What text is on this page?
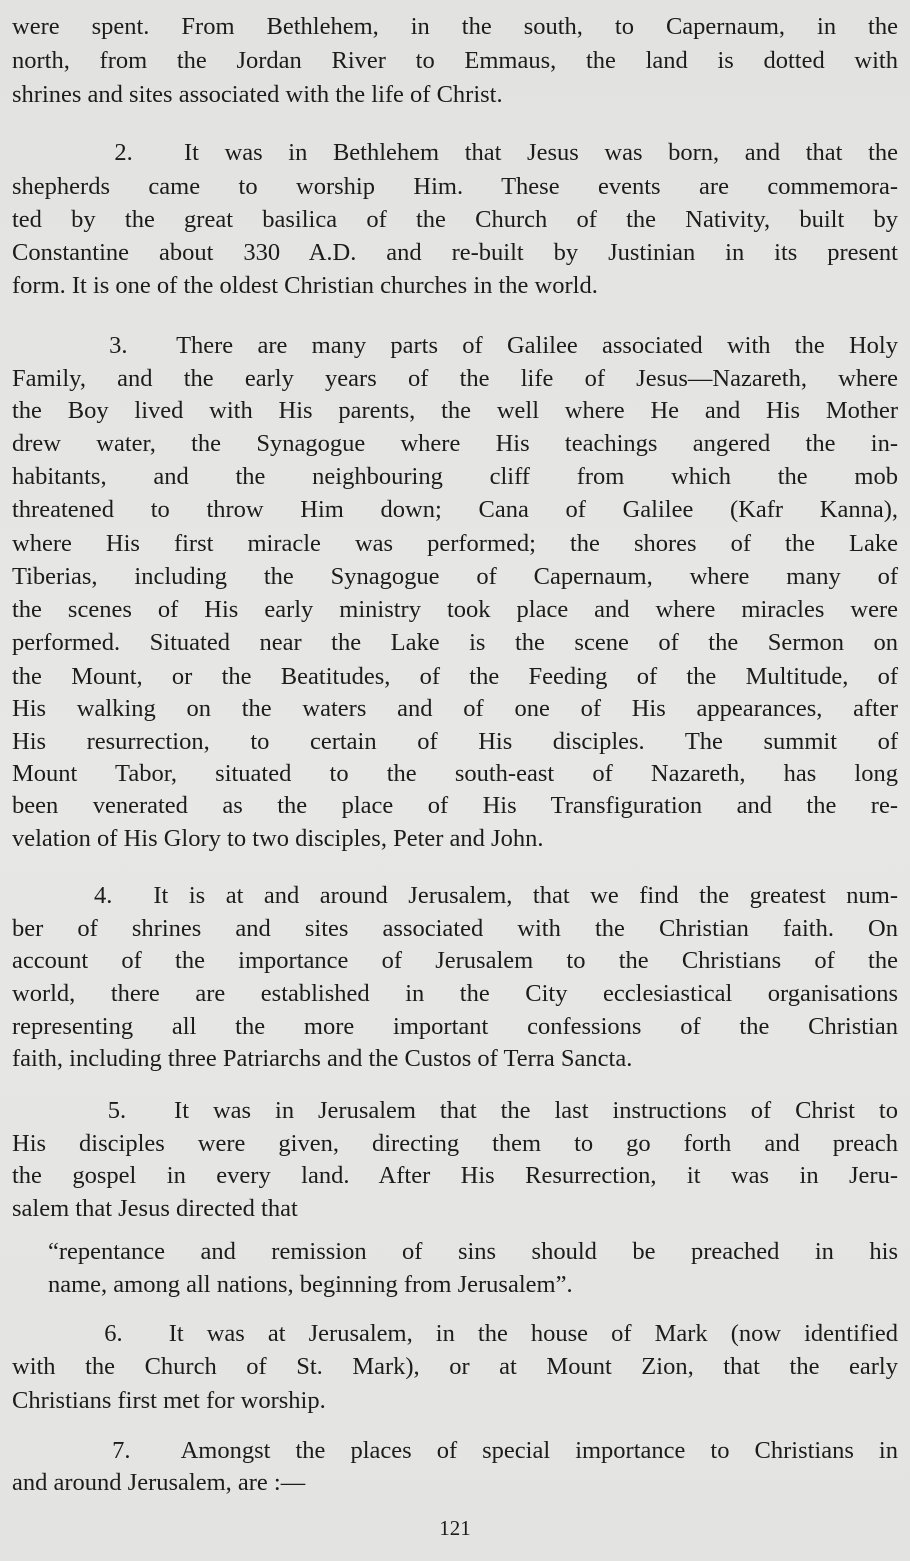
were spent. From Bethlehem, in the south, to Capernaum, in the
north, from the Jordan River to Emmaus, the land is dotted with
shrines and sites associated with the life of Christ.
2.  It was in Bethlehem that Jesus was born, and that the
shepherds came to worship Him. These events are commemora-
ted by the great basilica of the Church of the Nativity, built by
Constantine about 330 A.D. and re-built by Justinian in its present
form. It is one of the oldest Christian churches in the world.
3.  There are many parts of Galilee associated with the Holy
Family, and the early years of the life of Jesus—Nazareth, where
the Boy lived with His parents, the well where He and His Mother
drew water, the Synagogue where His teachings angered the in-
habitants, and the neighbouring cliff from which the mob
threatened to throw Him down; Cana of Galilee (Kafr Kanna),
where His first miracle was performed; the shores of the Lake
Tiberias, including the Synagogue of Capernaum, where many of
the scenes of His early ministry took place and where miracles were
performed. Situated near the Lake is the scene of the Sermon on
the Mount, or the Beatitudes, of the Feeding of the Multitude, of
His walking on the waters and of one of His appearances, after
His resurrection, to certain of His disciples. The summit of
Mount Tabor, situated to the south-east of Nazareth, has long
been venerated as the place of His Transfiguration and the re-
velation of His Glory to two disciples, Peter and John.
4.  It is at and around Jerusalem, that we find the greatest num-
ber of shrines and sites associated with the Christian faith. On
account of the importance of Jerusalem to the Christians of the
world, there are established in the City ecclesiastical organisations
representing all the more important confessions of the Christian
faith, including three Patriarchs and the Custos of Terra Sancta.
5.  It was in Jerusalem that the last instructions of Christ to
His disciples were given, directing them to go forth and preach
the gospel in every land. After His Resurrection, it was in Jeru-
salem that Jesus directed that
“repentance and remission of sins should be preached in his
name, among all nations, beginning from Jerusalem”.
6.  It was at Jerusalem, in the house of Mark (now identified
with the Church of St. Mark), or at Mount Zion, that the early
Christians first met for worship.
7.  Amongst the places of special importance to Christians in
and around Jerusalem, are :—
121
